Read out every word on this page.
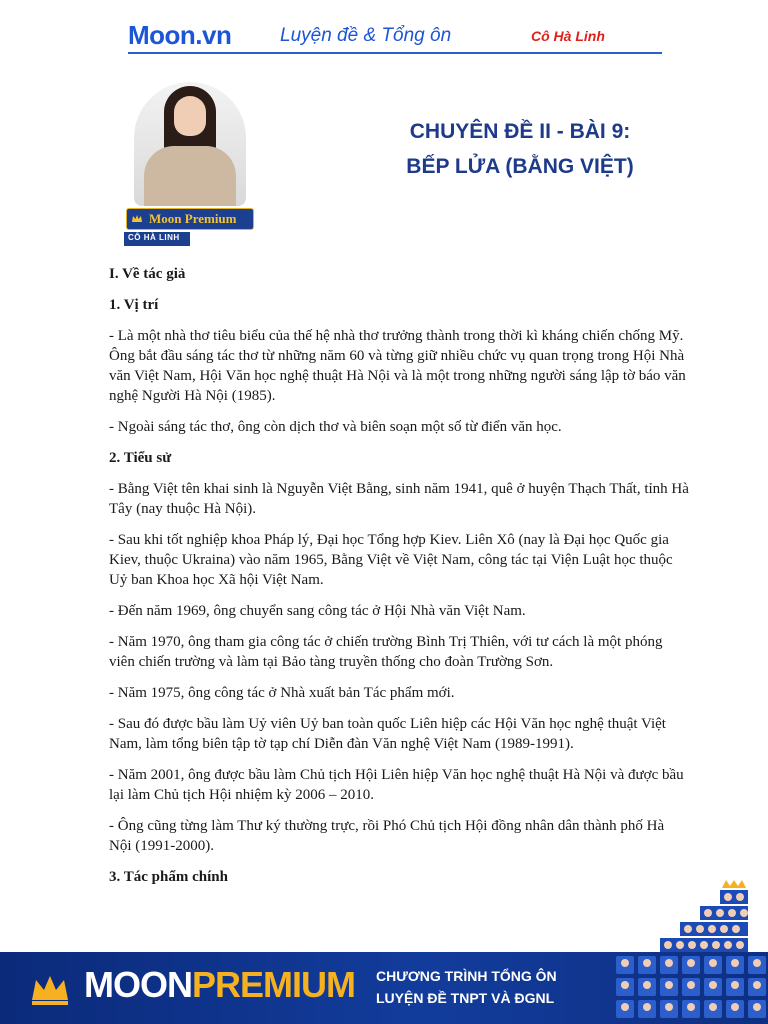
Moon.vn	Luyện đề & Tổng ôn	Cô Hà Linh
Moon Premium
CÔ HÀ LINH
CHUYÊN ĐỀ II - BÀI 9:
BẾP LỬA (BẰNG VIỆT)
I. Về tác giả
1. Vị trí
- Là một nhà thơ tiêu biểu của thế hệ nhà thơ trưởng thành trong thời kì kháng chiến chống Mỹ. Ông bắt đầu sáng tác thơ từ những năm 60 và từng giữ nhiều chức vụ quan trọng trong Hội Nhà văn Việt Nam, Hội Văn học nghệ thuật Hà Nội và là một trong những người sáng lập tờ báo văn nghệ Người Hà Nội (1985).
- Ngoài sáng tác thơ, ông còn dịch thơ và biên soạn một số từ điển văn học.
2. Tiểu sử
- Bằng Việt tên khai sinh là Nguyễn Việt Bằng, sinh năm 1941, quê ở huyện Thạch Thất, tỉnh Hà Tây (nay thuộc Hà Nội).
- Sau khi tốt nghiệp khoa Pháp lý, Đại học Tổng hợp Kiev. Liên Xô (nay là Đại học Quốc gia Kiev, thuộc Ukraina) vào năm 1965, Bằng Việt về Việt Nam, công tác tại Viện Luật học thuộc Uỷ ban Khoa học Xã hội Việt Nam.
- Đến năm 1969, ông chuyển sang công tác ở Hội Nhà văn Việt Nam.
- Năm 1970, ông tham gia công tác ở chiến trường Bình Trị Thiên, với tư cách là một phóng viên chiến trường và làm tại Bảo tàng truyền thống cho đoàn Trường Sơn.
- Năm 1975, ông công tác ở Nhà xuất bản Tác phẩm mới.
- Sau đó được bầu làm Uỷ viên Uỷ ban toàn quốc Liên hiệp các Hội Văn học nghệ thuật Việt Nam, làm tổng biên tập tờ tạp chí Diễn đàn Văn nghệ Việt Nam (1989-1991).
- Năm 2001, ông được bầu làm Chủ tịch Hội Liên hiệp Văn học nghệ thuật Hà Nội và được bầu lại làm Chủ tịch Hội nhiệm kỳ 2006 – 2010.
- Ông cũng từng làm Thư ký thường trực, rồi Phó Chủ tịch Hội đồng nhân dân thành phố Hà Nội (1991-2000).
3. Tác phẩm chính
MOON PREMIUM CHƯƠNG TRÌNH TỔNG ÔN
LUYỆN ĐỀ TNPT VÀ ĐGNL
